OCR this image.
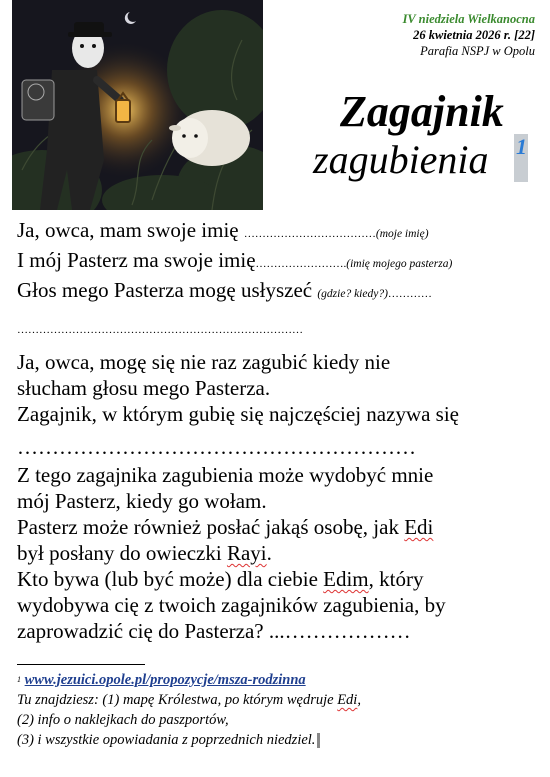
IV niedziela Wielkanocna
26 kwietnia 2026 r. [22]
Parafia NSPJ w Opolu
Zagajnik
zagubienia 1
Ja, owca, mam swoje imię ………………………………(moje imię)
I mój Pasterz ma swoje imię…………………….(imię mojego pasterza)
Głos mego Pasterza mogę usłyszeć (gdzie? kiedy?)…………
……………………………………………………………………
Ja, owca, mogę się nie raz zagubić kiedy nie
słucham głosu mego Pasterza.
Zagajnik, w którym gubię się najczęściej nazywa się
…………………………………………………
Z tego zagajnika zagubienia może wydobyć mnie
mój Pasterz, kiedy go wołam.
Pasterz może również posłać jakąś osobę, jak Edi
był posłany do owieczki Rayi.
Kto bywa (lub być może) dla ciebie Edim, który
wydobywa cię z twoich zagajników zagubienia, by
zaprowadzić cię do Pasterza? ...………………
$^1$ www.jezuici.opole.pl/propozycje/msza-rodzinna
Tu znajdziesz: (1) mapę Królestwa, po którym wędruje Edi,
(2) info o naklejkach do paszportów,
(3) i wszystkie opowiadania z poprzednich niedziel.
